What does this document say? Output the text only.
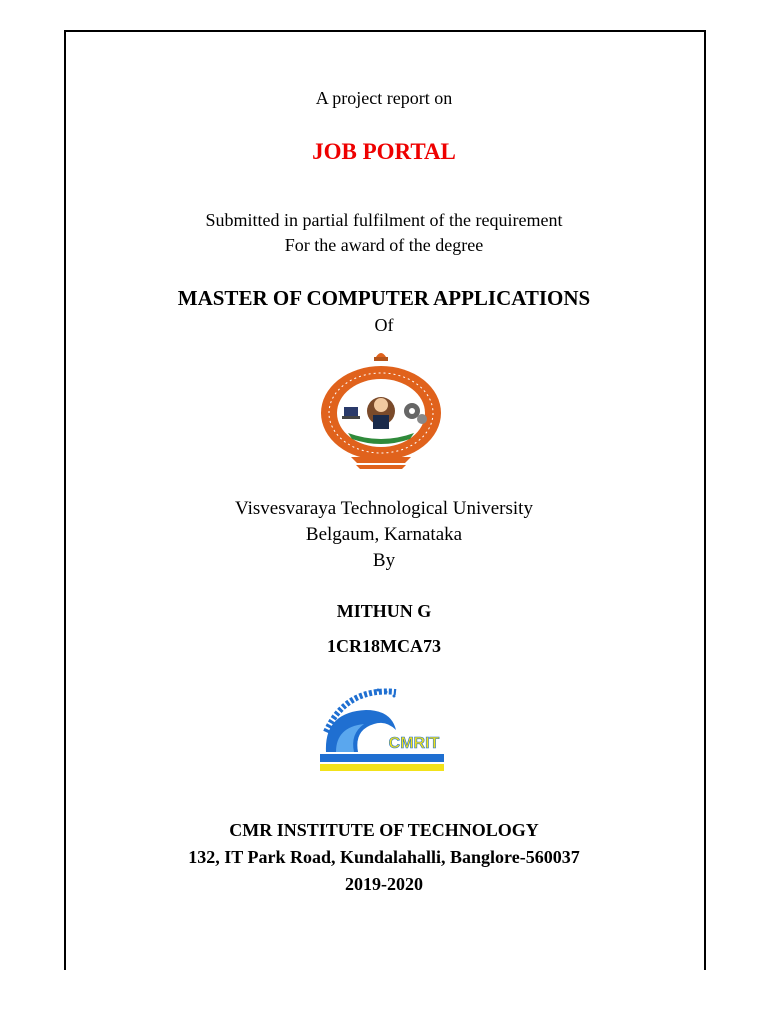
A project report on
JOB PORTAL
Submitted in partial fulfilment of the requirement
For the award of the degree
MASTER OF COMPUTER APPLICATIONS
Of
Visvesvaraya Technological University
Belgaum, Karnataka
By
MITHUN G
1CR18MCA73
CMRIT
CMR INSTITUTE OF TECHNOLOGY
132, IT Park Road, Kundalahalli, Banglore-560037
2019-2020
